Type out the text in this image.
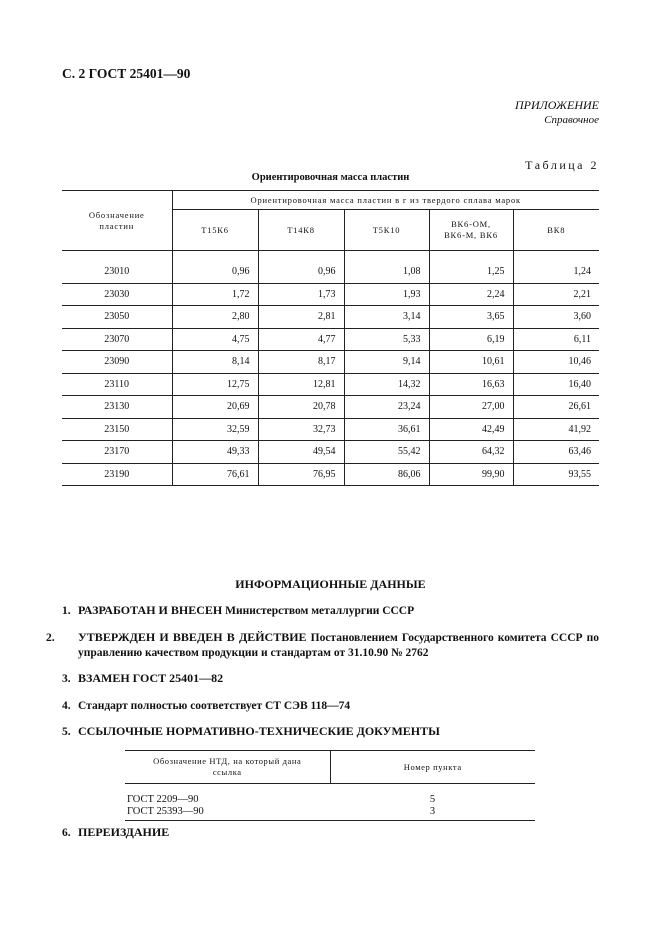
С. 2 ГОСТ 25401—90
ПРИЛОЖЕНИЕ
Справочное
Таблица 2
Ориентировочная масса пластин
Обозначение пластин	Ориентировочная масса пластин в г из твердого сплава марок				
	Т15К6	Т14К8	Т5К10	ВК6-ОМ, ВК6-М, ВК6	ВК8

23010	0,96	0,96	1,08	1,25	1,24
23030	1,72	1,73	1,93	2,24	2,21
23050	2,80	2,81	3,14	3,65	3,60
23070	4,75	4,77	5,33	6,19	6,11
23090	8,14	8,17	9,14	10,61	10,46
23110	12,75	12,81	14,32	16,63	16,40
23130	20,69	20,78	23,24	27,00	26,61
23150	32,59	32,73	36,61	42,49	41,92
23170	49,33	49,54	55,42	64,32	63,46
23190	76,61	76,95	86,06	99,90	93,55
ИНФОРМАЦИОННЫЕ ДАННЫЕ
1. РАЗРАБОТАН И ВНЕСЕН Министерством металлургии СССР
2. УТВЕРЖДЕН И ВВЕДЕН В ДЕЙСТВИЕ Постановлением Государственного комитета СССР по управлению качеством продукции и стандартам от 31.10.90 № 2762
3. ВЗАМЕН ГОСТ 25401—82
4. Стандарт полностью соответствует СТ СЭВ 118—74
5. ССЫЛОЧНЫЕ НОРМАТИВНО-ТЕХНИЧЕСКИЕ ДОКУМЕНТЫ
Обозначение НТД, на который дана ссылка	Номер пункта
ГОСТ 2209—90	5
ГОСТ 25393—90	3
6. ПЕРЕИЗДАНИЕ
